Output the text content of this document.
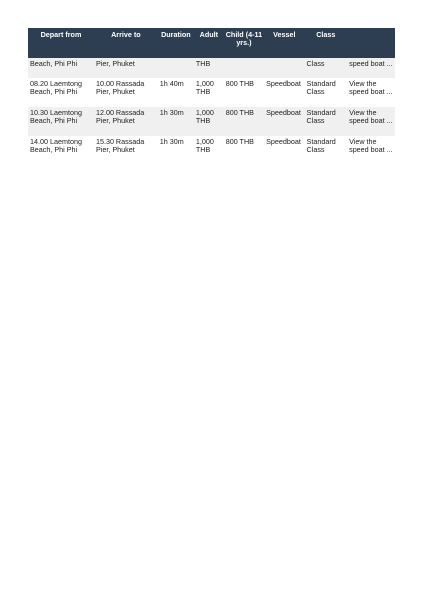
Depart from	Arrive to	Duration	Adult	Child (4-11 yrs.)	Vessel	Class	
Beach, Phi Phi	Pier, Phuket		THB			Class	speed boat ...
08.20 Laemtong Beach, Phi Phi	10.00 Rassada Pier, Phuket	1h 40m	1,000 THB	800 THB	Speedboat	Standard Class	View the speed boat ...
10.30 Laemtong Beach, Phi Phi	12.00 Rassada Pier, Phuket	1h 30m	1,000 THB	800 THB	Speedboat	Standard Class	View the speed boat ...
14.00 Laemtong Beach, Phi Phi	15.30 Rassada Pier, Phuket	1h 30m	1,000 THB	800 THB	Speedboat	Standard Class	View the speed boat ...
